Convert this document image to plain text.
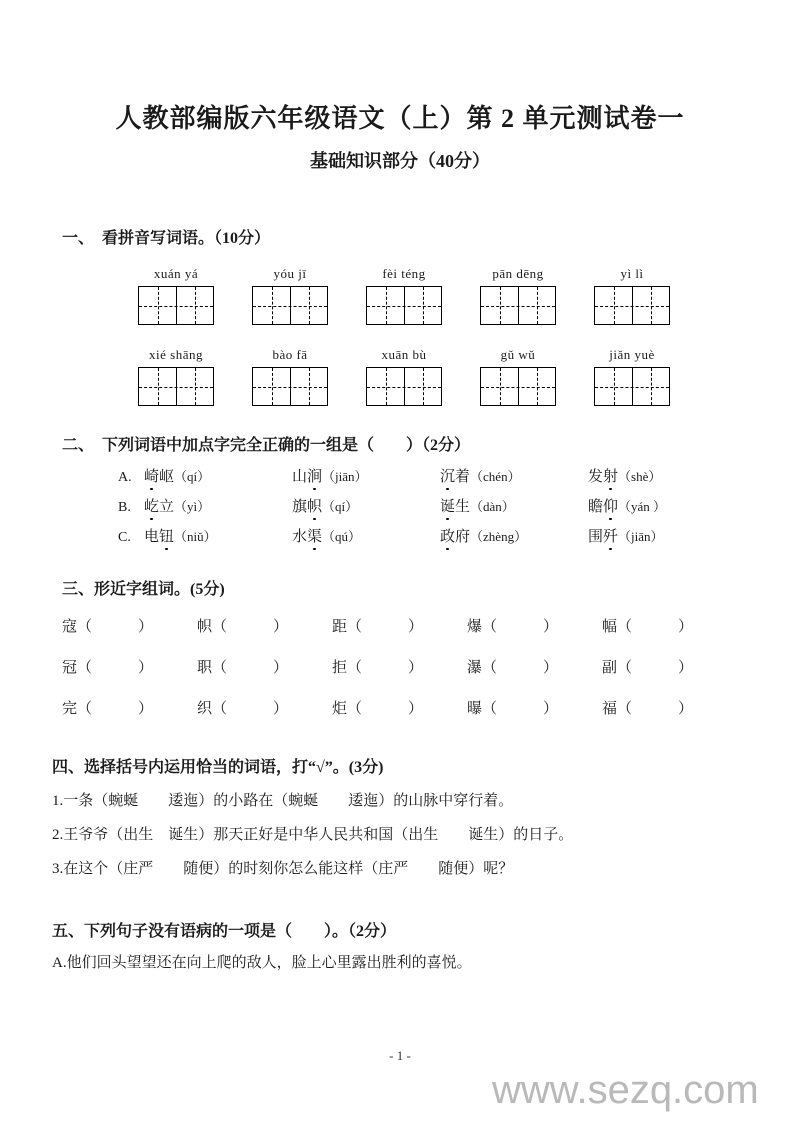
人教部编版六年级语文（上）第 2 单元测试卷一
基础知识部分（40分）
一、　看拼音写词语。（10分）
xuán yá	yóu jī	fèi téng	pān dēng	yì lì
xié shāng	bào fā	xuān bù	gǔ wǔ	jiǎn yuè
二、　下列词语中加点字完全正确的一组是（　　）（2分）
A. 崎岖（qí）	山涧（jiān）	沉着（chén）	发射（shè）
B. 屹立（yì）	旗帜（qí）	诞生（dàn）	瞻仰（yán ）
C. 电钮（niǔ）	水渠（qú）	政府（zhèng）	围歼（jiān）
三、形近字组词。(5分)
寇（	）	帜（	）	距（	）	爆（	）	幅（	）
冠（	）	职（	）	拒（	）	瀑（	）	副（	）
完（	）	织（	）	炬（	）	曝（	）	福（	）
四、选择括号内运用恰当的词语，打“√”。(3分)
1.一条（蜿蜒　　逶迤）的小路在（蜿蜒　　逶迤）的山脉中穿行着。
2.王爷爷（出生　诞生）那天正好是中华人民共和国（出生　　诞生）的日子。
3.在这个（庄严　　随便）的时刻你怎么能这样（庄严　　随便）呢？
五、下列句子没有语病的一项是（　　）。（2分）
A.他们回头望望还在向上爬的敌人，脸上心里露出胜利的喜悦。
- 1 -
www.sezq.com
